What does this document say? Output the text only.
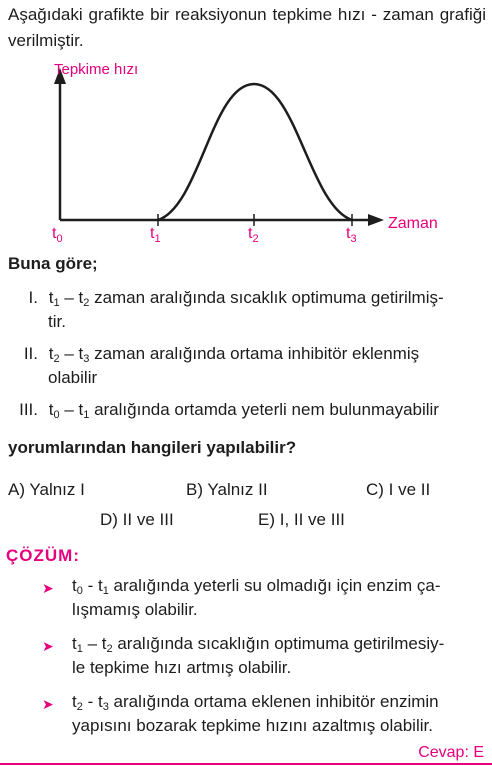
Aşağıdaki grafikte bir reaksiyonun tepkime hızı - zaman grafiği verilmiştir.
Tepkime hızı
Zaman
$t_0$	$t_1$	$t_2$	$t_3$
Buna göre;
I. $t_1 - t_2$ zaman aralığında sıcaklık optimuma getirilmiş-
tir.
II. $t_2 - t_3$ zaman aralığında ortama inhibitör eklenmiş
olabilir
III. $t_0 - t_1$ aralığında ortamda yeterli nem bulunmayabilir
yorumlarından hangileri yapılabilir?
A) Yalnız I	B) Yalnız II	C) I ve II
D) II ve III	E) I, II ve III
ÇÖZÜM:
➤	$t_0 - t_1$ aralığında yeterli su olmadığı için enzim ça-
lışmamış olabilir.
➤	$t_1 - t_2$ aralığında sıcaklığın optimuma getirilmesiy-
le tepkime hızı artmış olabilir.
➤	$t_2 - t_3$ aralığında ortama eklenen inhibitör enzimin
yapısını bozarak tepkime hızını azaltmış olabilir.
Cevap: E
